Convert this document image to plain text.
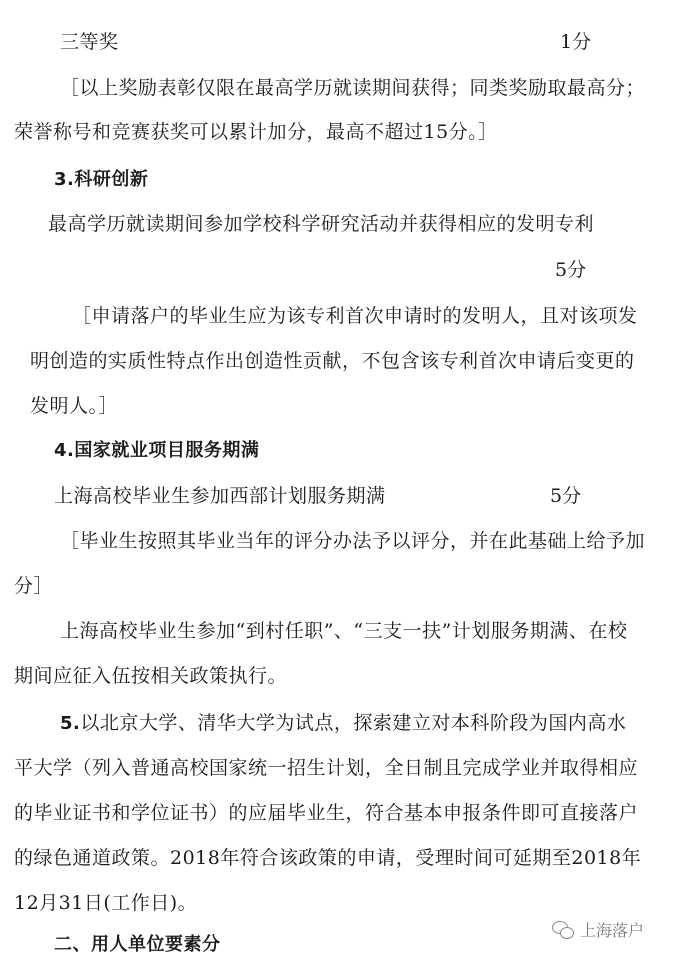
三等奖	1分
［以上奖励表彰仅限在最高学历就读期间获得；同类奖励取最高分；
荣誉称号和竞赛获奖可以累计加分，最高不超过15分。］
3.科研创新
最高学历就读期间参加学校科学研究活动并获得相应的发明专利
5分
［申请落户的毕业生应为该专利首次申请时的发明人，且对该项发
明创造的实质性特点作出创造性贡献，不包含该专利首次申请后变更的
发明人。］
4.国家就业项目服务期满
上海高校毕业生参加西部计划服务期满	5分
［毕业生按照其毕业当年的评分办法予以评分，并在此基础上给予加
分］
上海高校毕业生参加“到村任职”、“三支一扶”计划服务期满、在校
期间应征入伍按相关政策执行。
5.以北京大学、清华大学为试点，探索建立对本科阶段为国内高水
平大学（列入普通高校国家统一招生计划，全日制且完成学业并取得相应
的毕业证书和学位证书）的应届毕业生，符合基本申报条件即可直接落户
的绿色通道政策。2018年符合该政策的申请，受理时间可延期至2018年
12月31日(工作日)。
二、用人单位要素分
上海落户
